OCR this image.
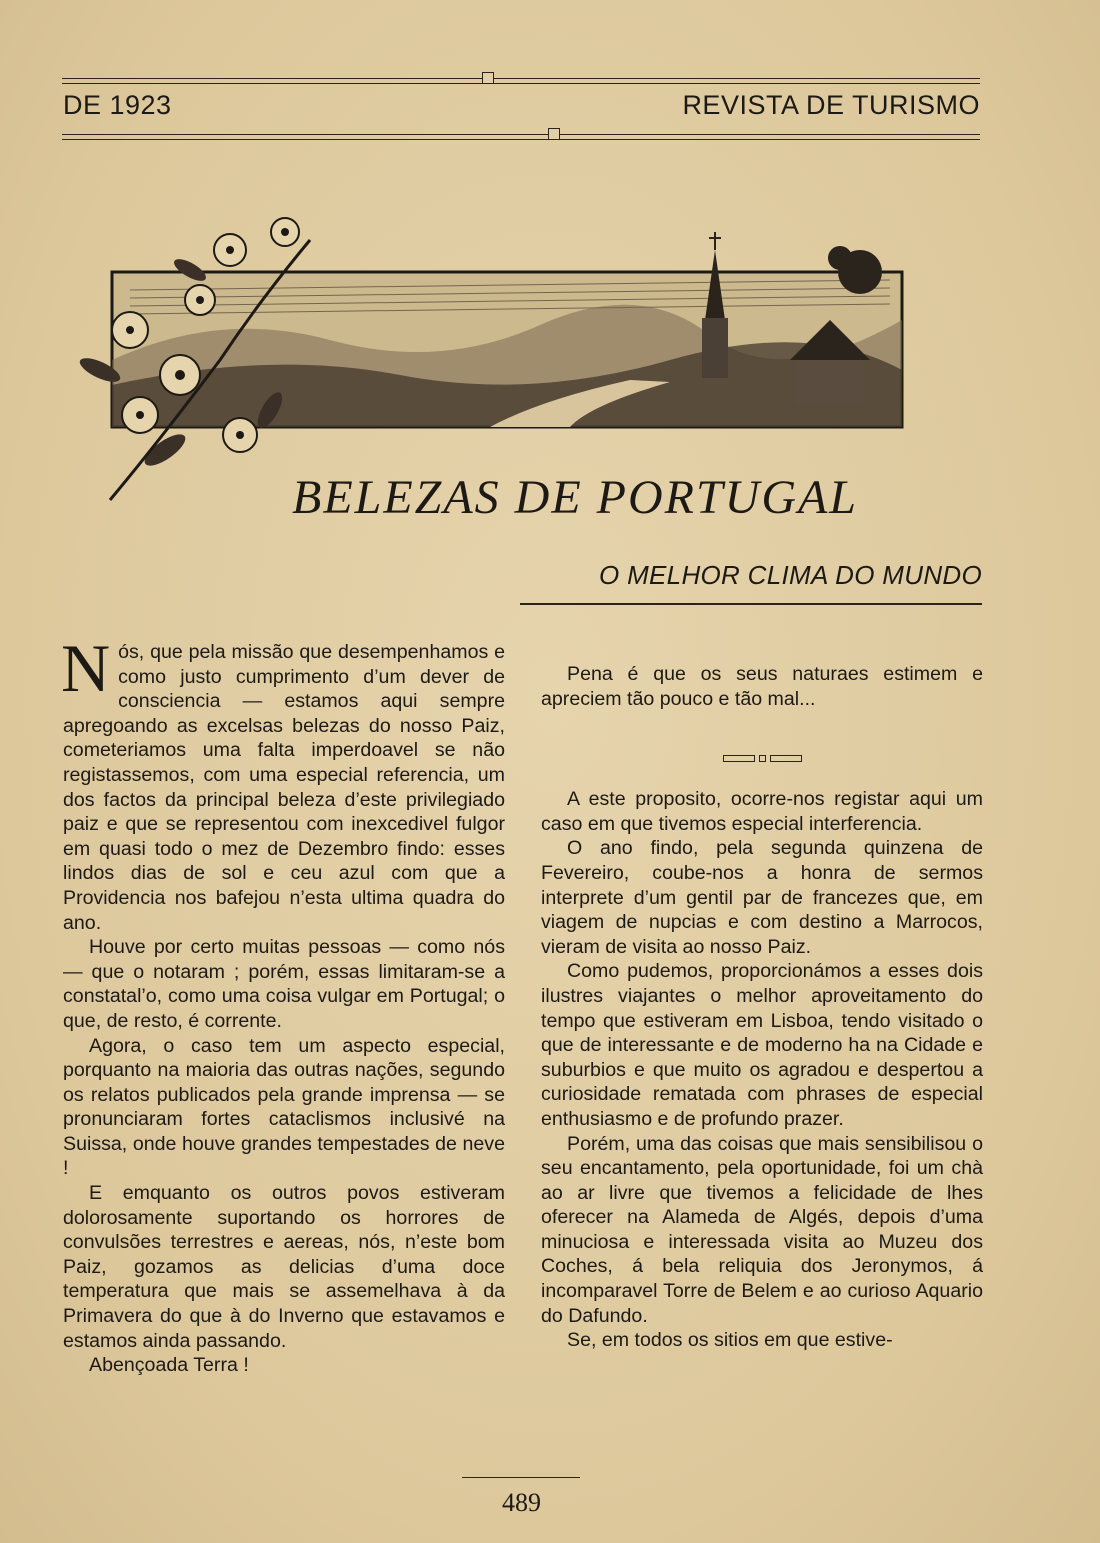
DE 1923	REVISTA DE TURISMO
BELEZAS DE PORTUGAL
O MELHOR CLIMA DO MUNDO

Nós, que pela missão que desempenhamos e como justo cumprimento d’um dever de consciencia — estamos aqui sempre apregoando as excelsas belezas do nosso Paiz, cometeriamos uma falta imperdoavel se não registassemos, com uma especial referencia, um dos factos da principal beleza d’este privilegiado paiz e que se representou com inexcedivel fulgor em quasi todo o mez de Dezembro findo: esses lindos dias de sol e ceu azul com que a Providencia nos bafejou n’esta ultima quadra do ano.

Houve por certo muitas pessoas — como nós — que o notaram ; porém, essas limitaram-se a constatal’o, como uma coisa vulgar em Portugal; o que, de resto, é corrente.

Agora, o caso tem um aspecto especial, porquanto na maioria das outras nações, segundo os relatos publicados pela grande imprensa — se pronunciaram fortes cataclismos inclusivé na Suissa, onde houve grandes tempestades de neve !

E emquanto os outros povos estiveram dolorosamente suportando os horrores de convulsões terrestres e aereas, nós, n’este bom Paiz, gozamos as delicias d’uma doce temperatura que mais se assemelhava à da Primavera do que à do Inverno que estavamos e estamos ainda passando.

Abençoada Terra !

Pena é que os seus naturaes estimem e apreciem tão pouco e tão mal...

A este proposito, ocorre-nos registar aqui um caso em que tivemos especial interferencia.

O ano findo, pela segunda quinzena de Fevereiro, coube-nos a honra de sermos interprete d’um gentil par de francezes que, em viagem de nupcias e com destino a Marrocos, vieram de visita ao nosso Paiz.

Como pudemos, proporcionámos a esses dois ilustres viajantes o melhor aproveitamento do tempo que estiveram em Lisboa, tendo visitado o que de interessante e de moderno ha na Cidade e suburbios e que muito os agradou e despertou a curiosidade rematada com phrases de especial enthusiasmo e de profundo prazer.

Porém, uma das coisas que mais sensibilisou o seu encantamento, pela oportunidade, foi um chà ao ar livre que tivemos a felicidade de lhes oferecer na Alameda de Algés, depois d’uma minuciosa e interessada visita ao Muzeu dos Coches, á bela reliquia dos Jeronymos, á incomparavel Torre de Belem e ao curioso Aquario do Dafundo.

Se, em todos os sitios em que estive-

489
